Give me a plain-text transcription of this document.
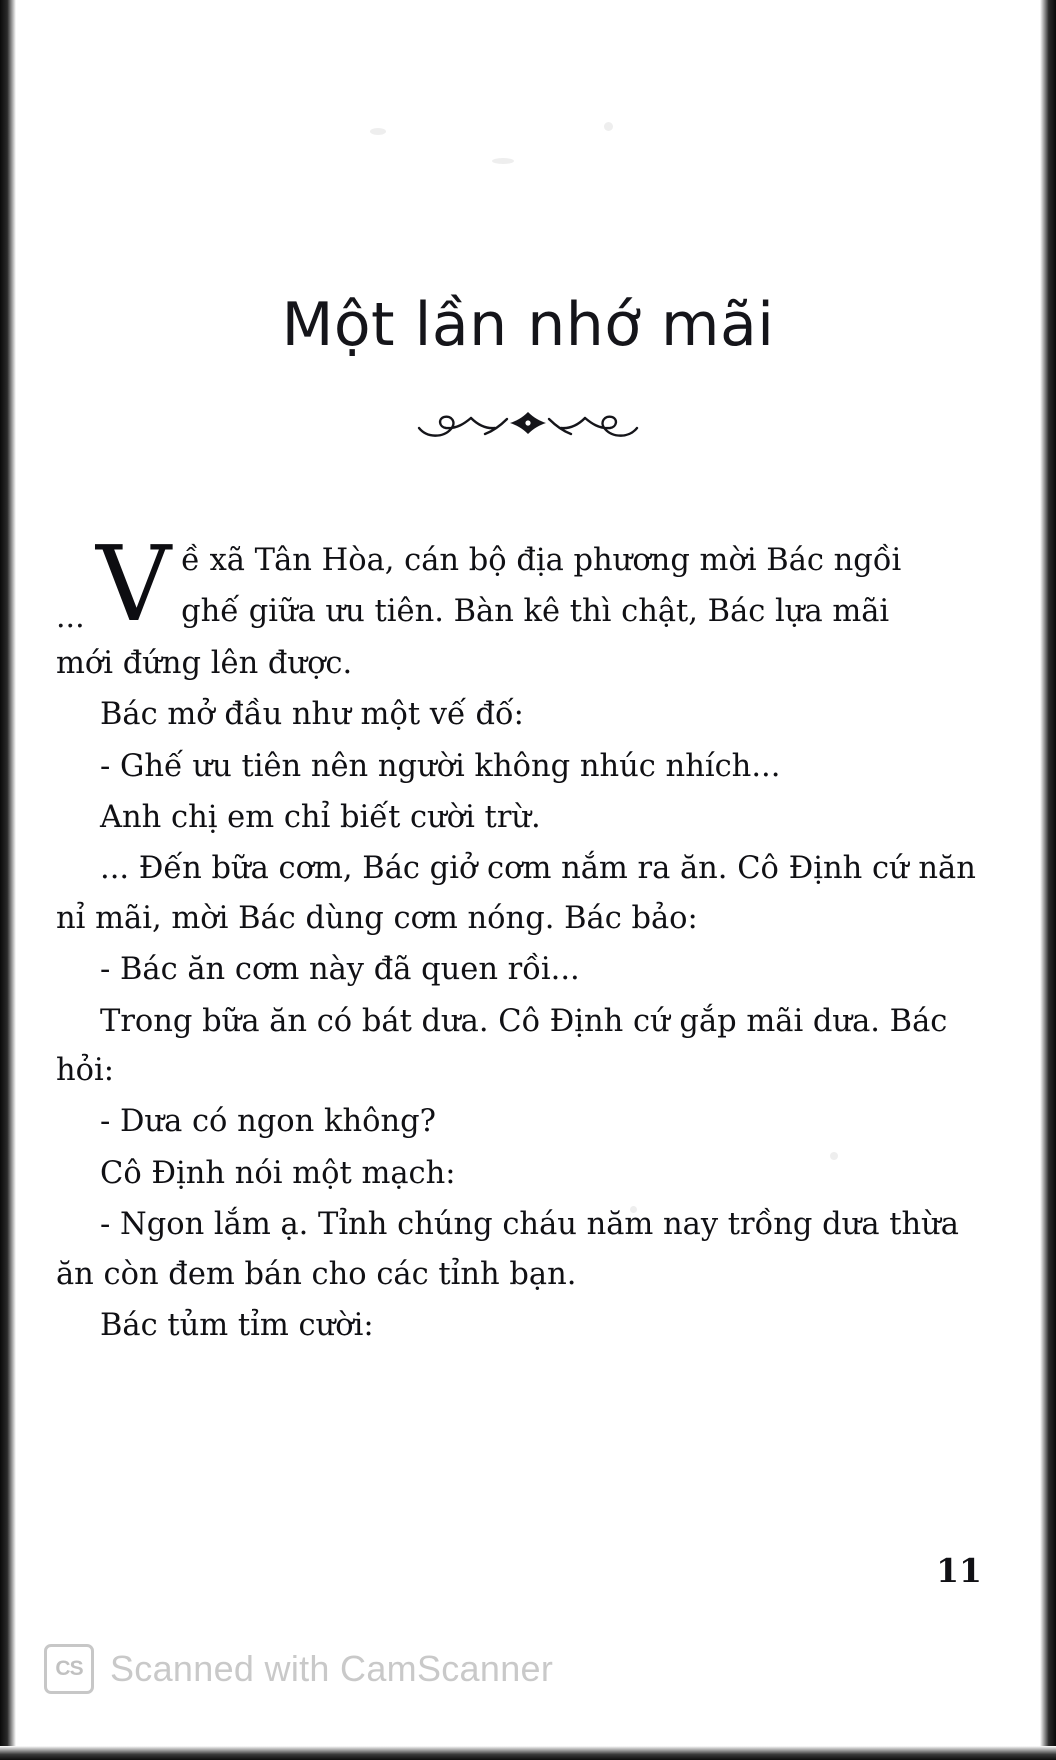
Một lần nhớ mãi
... V ề xã Tân Hòa, cán bộ địa phương mời Bác ngồi

ghế giữa ưu tiên. Bàn kê thì chật, Bác lựa mãi

mới đứng lên được.

Bác mở đầu như một vế đố:

- Ghế ưu tiên nên người không nhúc nhích...

Anh chị em chỉ biết cười trừ.

... Đến bữa cơm, Bác giở cơm nắm ra ăn. Cô Định cứ năn nỉ mãi, mời Bác dùng cơm nóng. Bác bảo:

- Bác ăn cơm này đã quen rồi...

Trong bữa ăn có bát dưa. Cô Định cứ gắp mãi dưa. Bác hỏi:

- Dưa có ngon không?

Cô Định nói một mạch:

- Ngon lắm ạ. Tỉnh chúng cháu năm nay trồng dưa thừa ăn còn đem bán cho các tỉnh bạn.

Bác tủm tỉm cười:

11
CS Scanned with CamScanner
